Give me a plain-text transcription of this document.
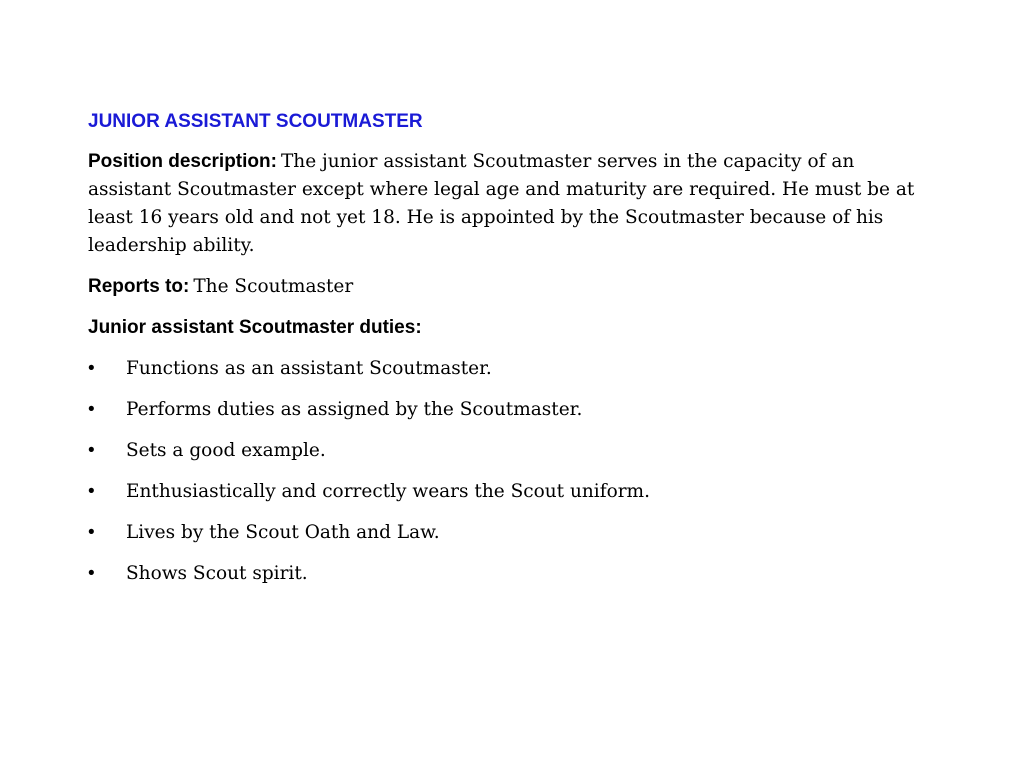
JUNIOR ASSISTANT SCOUTMASTER

Position description: The junior assistant Scoutmaster serves in the capacity of an assistant Scoutmaster except where legal age and maturity are required. He must be at least 16 years old and not yet 18. He is appointed by the Scoutmaster because of his leadership ability.

Reports to: The Scoutmaster

Junior assistant Scoutmaster duties:
•	Functions as an assistant Scoutmaster.
•	Performs duties as assigned by the Scoutmaster.
•	Sets a good example.
•	Enthusiastically and correctly wears the Scout uniform.
•	Lives by the Scout Oath and Law.
•	Shows Scout spirit.
